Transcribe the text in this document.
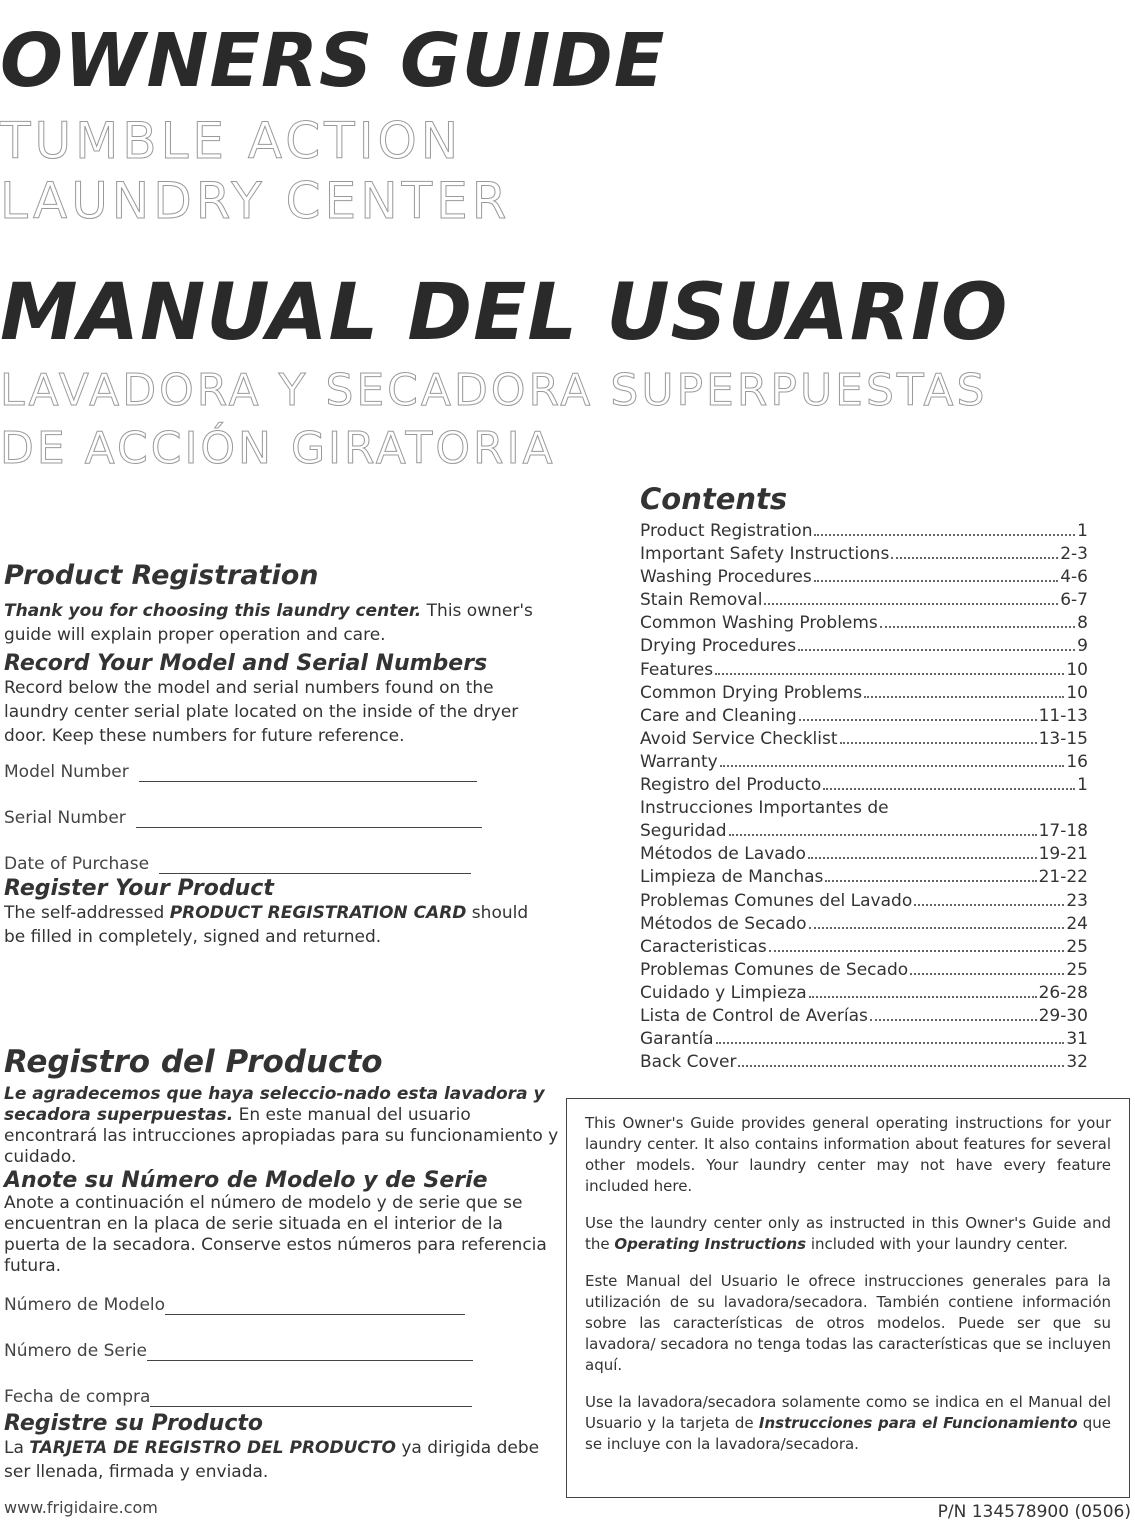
OWNERS GUIDE
TUMBLE ACTION
LAUNDRY CENTER
MANUAL DEL USUARIO
LAVADORA Y SECADORA SUPERPUESTAS
DE ACCIÓN GIRATORIA
Product Registration
Thank you for choosing this laundry center. This owner's guide will explain proper operation and care.
Record Your Model and Serial Numbers
Record below the model and serial numbers found on the laundry center serial plate located on the inside of the dryer door. Keep these numbers for future reference.
Model Number
Serial Number
Date of Purchase
Register Your Product
The self-addressed PRODUCT REGISTRATION CARD should be filled in completely, signed and returned.
Registro del Producto
Le agradecemos que haya seleccio-nado esta lavadora y secadora superpuestas. En este manual del usuario encontrará las intrucciones apropiadas para su funcionamiento y cuidado.
Anote su Número de Modelo y de Serie
Anote a continuación el número de modelo y de serie que se encuentran en la placa de serie situada en el interior de la puerta de la secadora. Conserve estos números para referencia futura.
Número de Modelo
Número de Serie
Fecha de compra
Registre su Producto
La TARJETA DE REGISTRO DEL PRODUCTO ya dirigida debe ser llenada, firmada y enviada.
Contents
Product Registration	1
Important Safety Instructions	2-3
Washing Procedures	4-6
Stain Removal	6-7
Common Washing Problems	8
Drying Procedures	9
Features	10
Common Drying Problems	10
Care and Cleaning	11-13
Avoid Service Checklist	13-15
Warranty	16
Registro del Producto	1
Instrucciones Importantes de
Seguridad	17-18
Métodos de Lavado	19-21
Limpieza de Manchas	21-22
Problemas Comunes del Lavado	23
Métodos de Secado	24
Caracteristicas	25
Problemas Comunes de Secado	25
Cuidado y Limpieza	26-28
Lista de Control de Averías	29-30
Garantía	31
Back Cover	32

This Owner's Guide provides general operating instructions for your laundry center. It also contains information about features for several other models. Your laundry center may not have every feature included here.

Use the laundry center only as instructed in this Owner's Guide and the Operating Instructions included with your laundry center.

Este Manual del Usuario le ofrece instrucciones generales para la utilización de su lavadora/secadora. También contiene información sobre las características de otros modelos. Puede ser que su lavadora/ secadora no tenga todas las características que se incluyen aquí.

Use la lavadora/secadora solamente como se indica en el Manual del Usuario y la tarjeta de Instrucciones para el Funcionamiento que se incluye con la lavadora/secadora.

www.frigidaire.com	P/N 134578900 (0506)
